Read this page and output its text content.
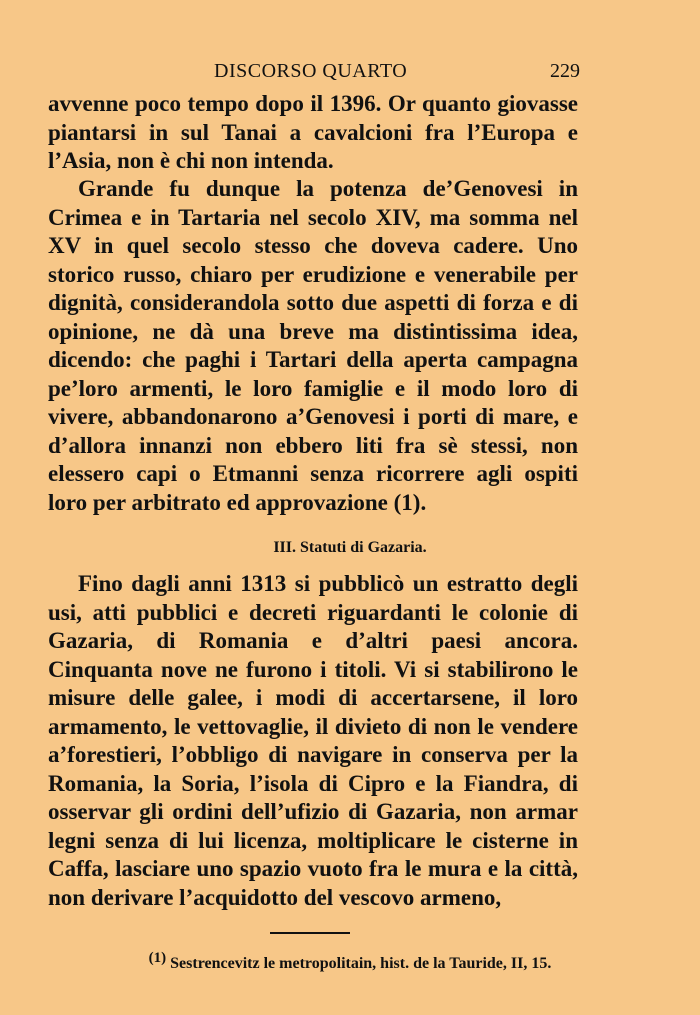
DISCORSO QUARTO	229

avvenne poco tempo dopo il 1396. Or quanto giovasse piantarsi in sul Tanai a cavalcioni fra l’Europa e l’Asia, non è chi non intenda.

Grande fu dunque la potenza de’Genovesi in Crimea e in Tartaria nel secolo XIV, ma somma nel XV in quel secolo stesso che doveva cadere. Uno storico russo, chiaro per erudizione e venerabile per dignità, considerandola sotto due aspetti di forza e di opinione, ne dà una breve ma distintissima idea, dicendo: che paghi i Tartari della aperta campagna pe’loro armenti, le loro famiglie e il modo loro di vivere, abbandonarono a’Genovesi i porti di mare, e d’allora innanzi non ebbero liti fra sè stessi, non elessero capi o Etmanni senza ricorrere agli ospiti loro per arbitrato ed approvazione (1).

III. Statuti di Gazaria.

Fino dagli anni 1313 si pubblicò un estratto degli usi, atti pubblici e decreti riguardanti le colonie di Gazaria, di Romania e d’altri paesi ancora. Cinquanta nove ne furono i titoli. Vi si stabilirono le misure delle galee, i modi di accertarsene, il loro armamento, le vettovaglie, il divieto di non le vendere a’forestieri, l’obbligo di navigare in conserva per la Romania, la Soria, l’isola di Cipro e la Fiandra, di osservar gli ordini dell’ufizio di Gazaria, non armar legni senza di lui licenza, moltiplicare le cisterne in Caffa, lasciare uno spazio vuoto fra le mura e la città, non derivare l’acquidotto del vescovo armeno,

(1) Sestrencevitz le metropolitain, hist. de la Tauride, II, 15.
